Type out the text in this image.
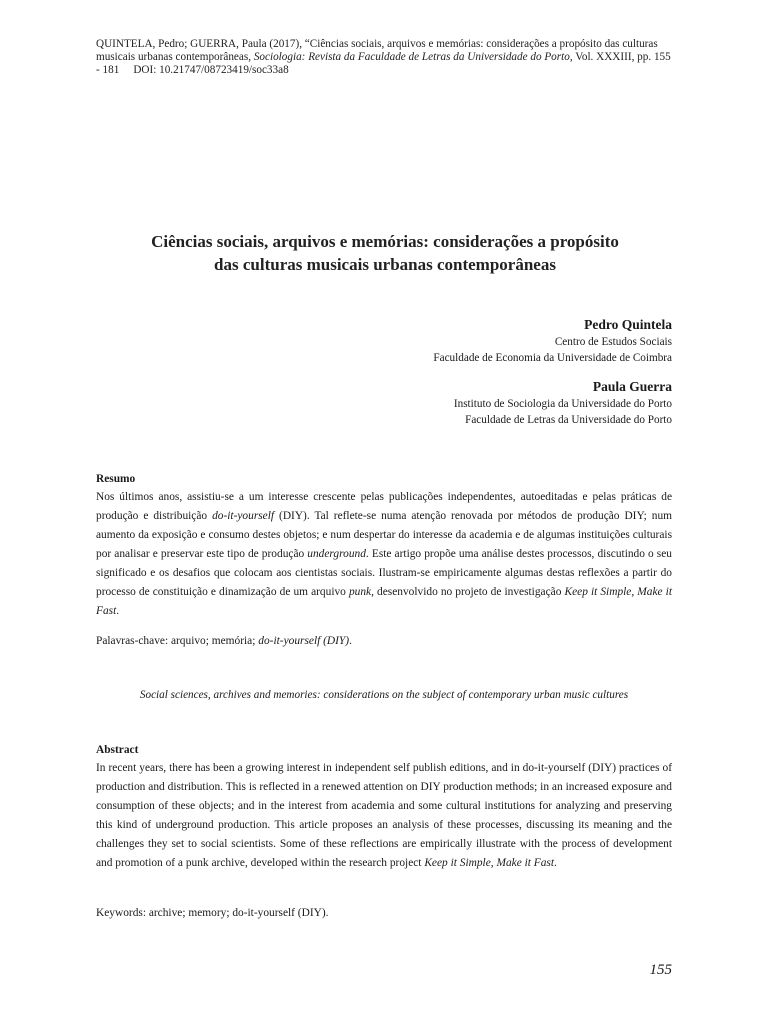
QUINTELA, Pedro; GUERRA, Paula (2017), “Ciências sociais, arquivos e memórias: considerações a propósito das culturas musicais urbanas contemporâneas, Sociologia: Revista da Faculdade de Letras da Universidade do Porto, Vol. XXXIII, pp. 155 - 181 DOI: 10.21747/08723419/soc33a8
Ciências sociais, arquivos e memórias: considerações a propósito
das culturas musicais urbanas contemporâneas
Pedro Quintela
Centro de Estudos Sociais
Faculdade de Economia da Universidade de Coimbra
Paula Guerra
Instituto de Sociologia da Universidade do Porto
Faculdade de Letras da Universidade do Porto
Resumo
Nos últimos anos, assistiu-se a um interesse crescente pelas publicações independentes, autoeditadas e pelas práticas de produção e distribuição do-it-yourself (DIY). Tal reflete-se numa atenção renovada por métodos de produção DIY; num aumento da exposição e consumo destes objetos; e num despertar do interesse da academia e de algumas instituições culturais por analisar e preservar este tipo de produção underground. Este artigo propõe uma análise destes processos, discutindo o seu significado e os desafios que colocam aos cientistas sociais. Ilustram-se empiricamente algumas destas reflexões a partir do processo de constituição e dinamização de um arquivo punk, desenvolvido no projeto de investigação Keep it Simple, Make it Fast.
Palavras-chave: arquivo; memória; do-it-yourself (DIY).
Social sciences, archives and memories: considerations on the subject of contemporary urban music cultures
Abstract
In recent years, there has been a growing interest in independent self publish editions, and in do-it-yourself (DIY) practices of production and distribution. This is reflected in a renewed attention on DIY production methods; in an increased exposure and consumption of these objects; and in the interest from academia and some cultural institutions for analyzing and preserving this kind of underground production. This article proposes an analysis of these processes, discussing its meaning and the challenges they set to social scientists. Some of these reflections are empirically illustrate with the process of development and promotion of a punk archive, developed within the research project Keep it Simple, Make it Fast.
Keywords: archive; memory; do-it-yourself (DIY).
155
